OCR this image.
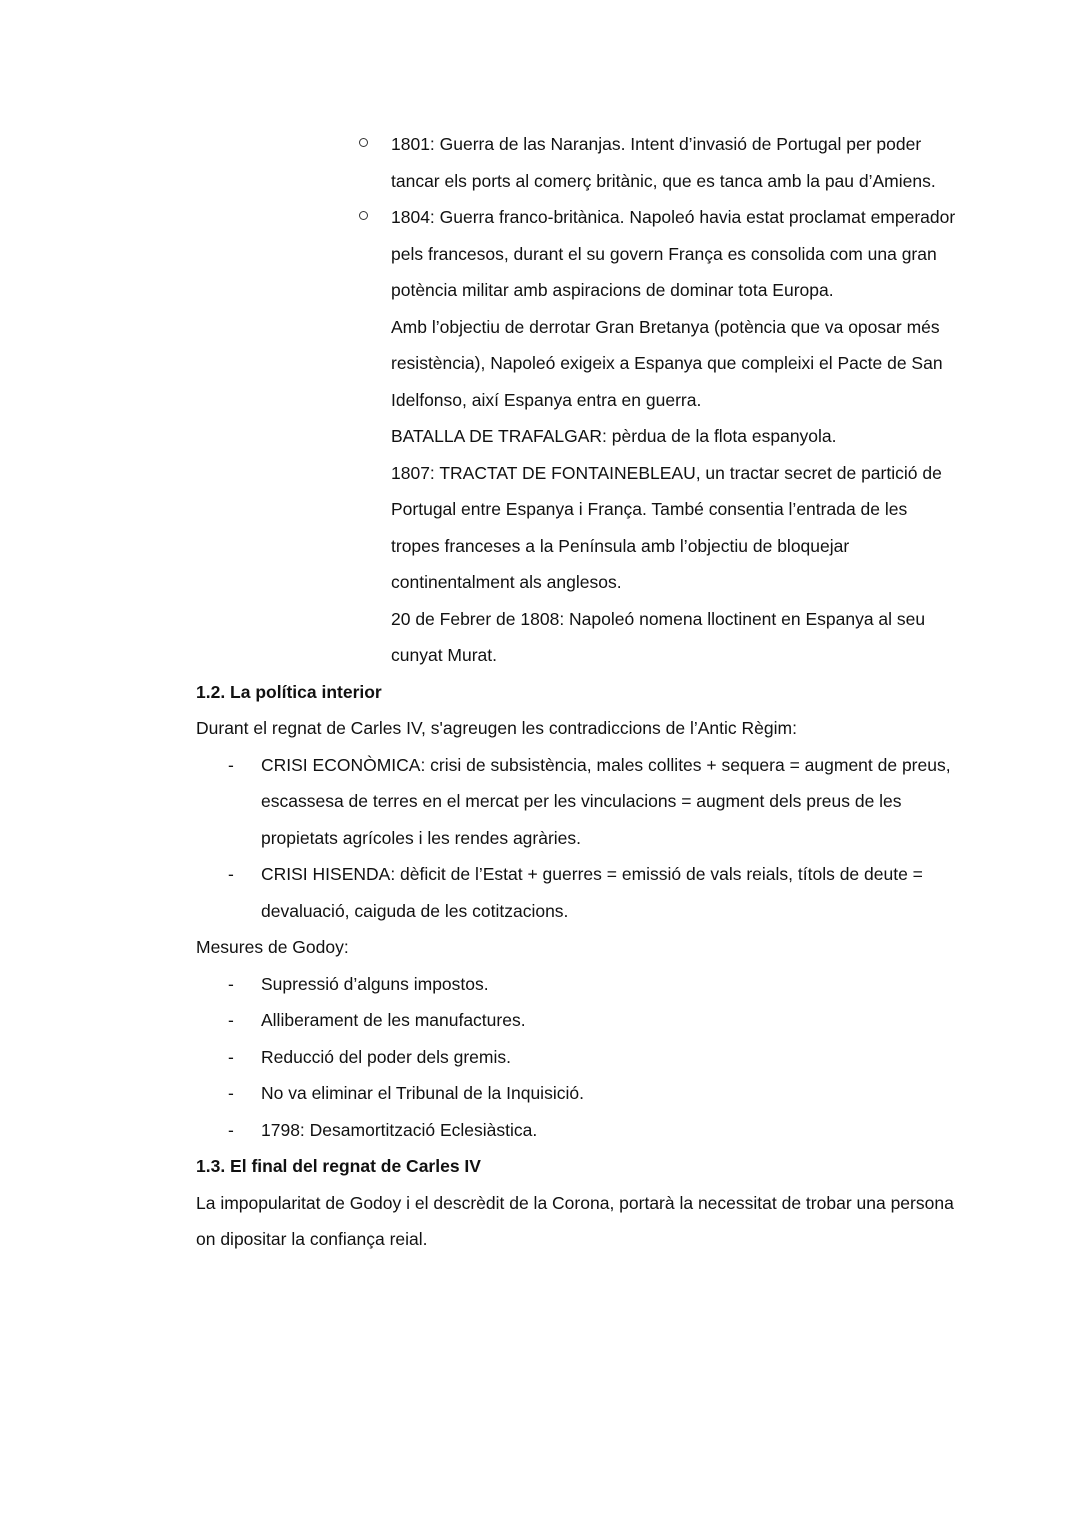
1801: Guerra de las Naranjas. Intent d’invasió de Portugal per poder tancar els ports al comerç britànic, que es tanca amb la pau d’Amiens.
1804: Guerra franco-britànica. Napoleó havia estat proclamat emperador pels francesos, durant el su govern França es consolida com una gran potència militar amb aspiracions de dominar tota Europa.
Amb l’objectiu de derrotar Gran Bretanya (potència que va oposar més resistència), Napoleó exigeix a Espanya que compleixi el Pacte de San Idelfonso, així Espanya entra en guerra.
BATALLA DE TRAFALGAR: pèrdua de la flota espanyola.
1807: TRACTAT DE FONTAINEBLEAU, un tractar secret de partició de Portugal entre Espanya i França. També consentia l’entrada de les tropes franceses a la Península amb l’objectiu de bloquejar continentalment als anglesos.
20 de Febrer de 1808: Napoleó nomena lloctinent en Espanya al seu cunyat Murat.

1.2. La política interior

Durant el regnat de Carles IV, s'agreugen les contradiccions de l’Antic Règim:

- CRISI ECONÒMICA: crisi de subsistència, males collites + sequera = augment de preus, escassesa de terres en el mercat per les vinculacions = augment dels preus de les propietats agrícoles i les rendes agràries.
- CRISI HISENDA: dèficit de l’Estat + guerres = emissió de vals reials, títols de deute = devaluació, caiguda de les cotitzacions.

Mesures de Godoy:

- Supressió d’alguns impostos.
- Alliberament de les manufactures.
- Reducció del poder dels gremis.
- No va eliminar el Tribunal de la Inquisició.
- 1798: Desamortització Eclesiàstica.

1.3. El final del regnat de Carles IV

La impopularitat de Godoy i el descrèdit de la Corona, portarà la necessitat de trobar una persona on dipositar la confiança reial.
